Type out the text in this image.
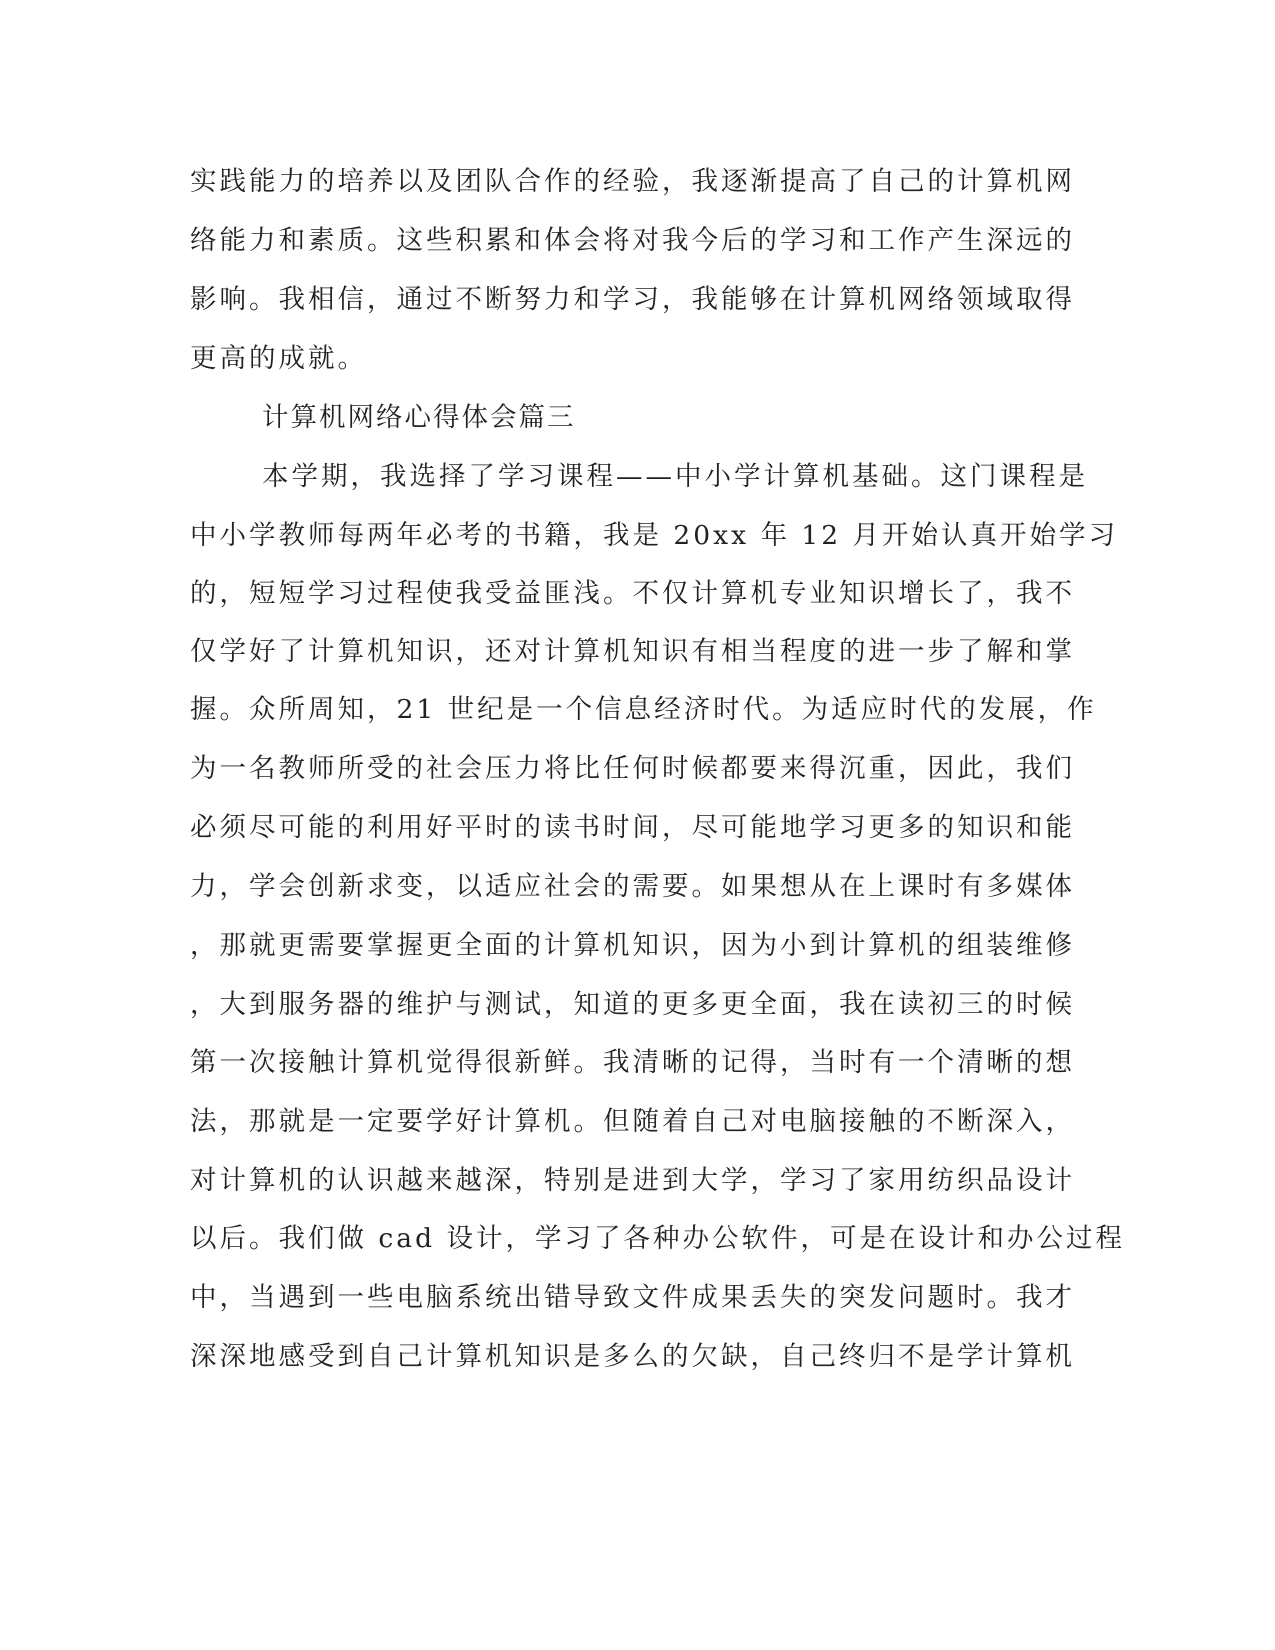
实践能力的培养以及团队合作的经验，我逐渐提高了自己的计算机网

络能力和素质。这些积累和体会将对我今后的学习和工作产生深远的

影响。我相信，通过不断努力和学习，我能够在计算机网络领域取得

更高的成就。

计算机网络心得体会篇三

本学期，我选择了学习课程——中小学计算机基础。这门课程是

中小学教师每两年必考的书籍，我是 20xx 年 12 月开始认真开始学习

的，短短学习过程使我受益匪浅。不仅计算机专业知识增长了，我不

仅学好了计算机知识，还对计算机知识有相当程度的进一步了解和掌

握。众所周知，21 世纪是一个信息经济时代。为适应时代的发展，作

为一名教师所受的社会压力将比任何时候都要来得沉重，因此，我们

必须尽可能的利用好平时的读书时间，尽可能地学习更多的知识和能

力，学会创新求变，以适应社会的需要。如果想从在上课时有多媒体

，那就更需要掌握更全面的计算机知识，因为小到计算机的组装维修

，大到服务器的维护与测试，知道的更多更全面，我在读初三的时候

第一次接触计算机觉得很新鲜。我清晰的记得，当时有一个清晰的想

法，那就是一定要学好计算机。但随着自己对电脑接触的不断深入，

对计算机的认识越来越深，特别是进到大学，学习了家用纺织品设计

以后。我们做 cad 设计，学习了各种办公软件，可是在设计和办公过程

中，当遇到一些电脑系统出错导致文件成果丢失的突发问题时。我才

深深地感受到自己计算机知识是多么的欠缺，自己终归不是学计算机
